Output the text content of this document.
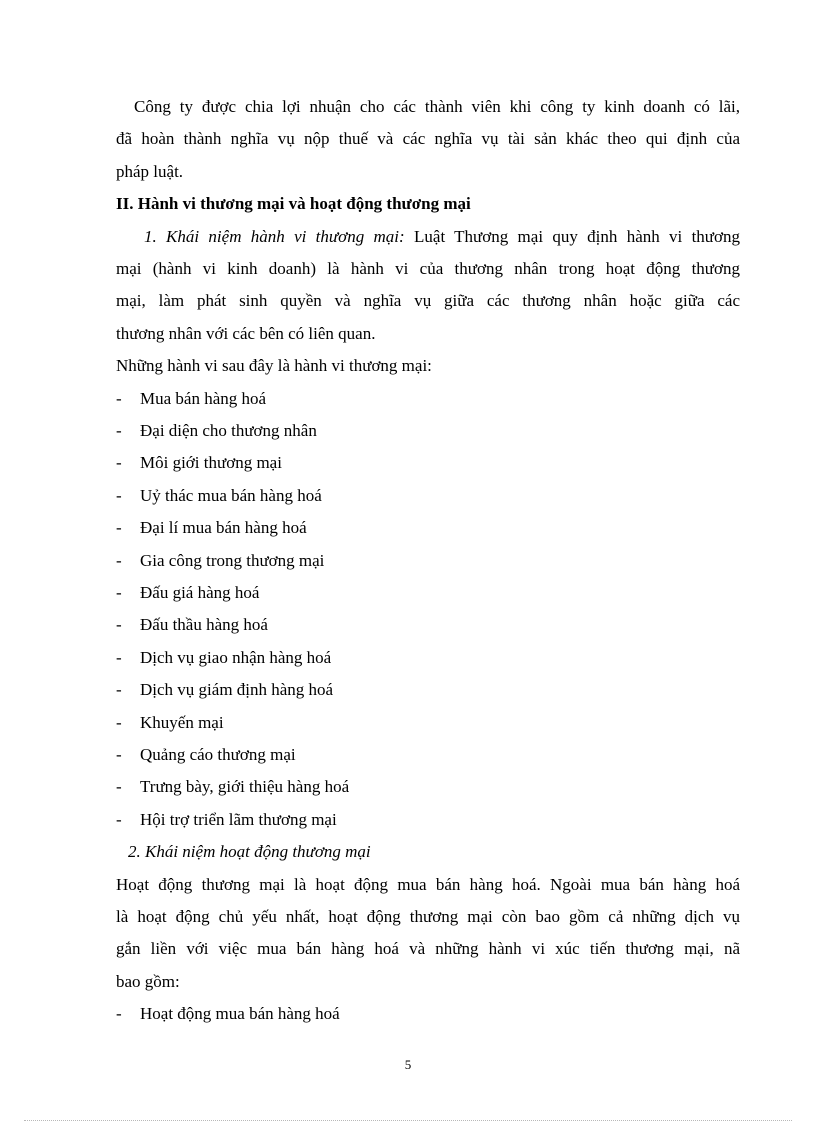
Công ty được chia lợi nhuận cho các thành viên khi công ty kinh doanh có lãi,
đã hoàn thành nghĩa vụ nộp thuế và các nghĩa vụ tài sản khác theo qui định của
pháp luật.

II. Hành vi thương mại và hoạt động thương mại

1. Khái niệm hành vi thương mại: Luật Thương mại quy định hành vi thương
mại (hành vi kinh doanh) là hành vi của thương nhân trong hoạt động thương
mại, làm phát sinh quyền và nghĩa vụ giữa các thương nhân hoặc giữa các
thương nhân với các bên có liên quan.

Những hành vi sau đây là hành vi thương mại:

- Mua bán hàng hoá
- Đại diện cho thương nhân
- Môi giới thương mại
- Uỷ thác mua bán hàng hoá
- Đại lí mua bán hàng hoá
- Gia công trong thương mại
- Đấu giá hàng hoá
- Đấu thầu hàng hoá
- Dịch vụ giao nhận hàng hoá
- Dịch vụ giám định hàng hoá
- Khuyến mại
- Quảng cáo thương mại
- Trưng bày, giới thiệu hàng hoá
- Hội trợ triển lãm thương mại

2. Khái niệm hoạt động thương mại

Hoạt động thương mại là hoạt động mua bán hàng hoá. Ngoài mua bán hàng hoá
là hoạt động chủ yếu nhất, hoạt động thương mại còn bao gồm cả những dịch vụ
gắn liền với việc mua bán hàng hoá và những hành vi xúc tiến thương mại, nã
bao gồm:

- Hoạt động mua bán hàng hoá
5
